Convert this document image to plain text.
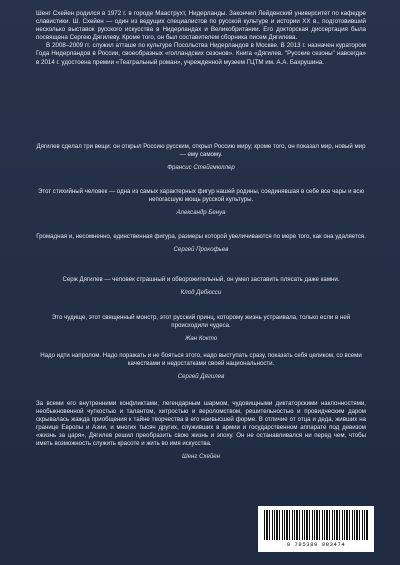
Шенг Схейен родился в 1972 г. в городе Мааструхт, Нидерланды. Закончил Лейденский университет по кафедре славистики. Ш. Схейен — один из ведущих специалистов по русской культуре и истории XX в., подготовивший несколько выставок русского искусства в Нидерландах и Великобритании. Его докторская диссертация была посвящена Сергею Дягилеву. Кроме того, он был составителем сборника писем Дягилева.

В 2008–2009 гг. служил атташе по культуре Посольства Нидерландов в Москве. В 2013 г. назначен куратором Года Нидерландов в России, своеобразных «голландских сезонов». Книга «Дягилев. "Русские сезоны" навсегда» в 2014 г. удостоена премии «Театральный роман», учрежденной музеем ГЦТМ им. А.А. Бахрушина.

Дягилев сделал три вещи: он открыл Россию русским, открыл Россию миру; кроме того, он показал мир, новый мир — ему самому.
Франсис Стейгмюллер
Этот стихийный человек — одна из самых характерных фигур нашей родины, соединявшая в себе все чары и всю непогасшую мощь русской культуры.
Александр Бенуа
Громадная и, несомненно, единственная фигура, размеры которой увеличиваются по мере того, как она удаляется.
Сергей Прокофьев
Серж Дягилев — человек страшный и обворожительный, он умел заставить плясать даже камни.
Клод Дебюсси
Это чудище, этот священный монстр, этот русский принц, которому жизнь устраивала, только если в ней происходили чудеса.
Жан Кокто
Надо идти напролом. Надо поражать и не бояться этого, надо выступать сразу, показать себя целиком, со всеми качествами и недостатками своей национальности.
Сергей Дягилев
За всеми его внутренними конфликтами, легендарным шармом, чудовищными диктаторскими наклонностями, необыкновенной чуткостью и талантом, хитростью и вероломством, решительностью и провидческим даром скрывалась жажда приобщения к тайне творчества в его наивысшей форме. В отличие от отца и деда, живших на границе Европы и Азии, и многих тысяч других, служивших в армии и государственном аппарате под девизом «жизнь за царя», Дягилев решил преобразить свою жизнь и эпоху. Он не останавливался ни перед чем, чтобы иметь возможность служить красоте и жить во имя искусства.
Шенг Схейен
9 785389 083474
